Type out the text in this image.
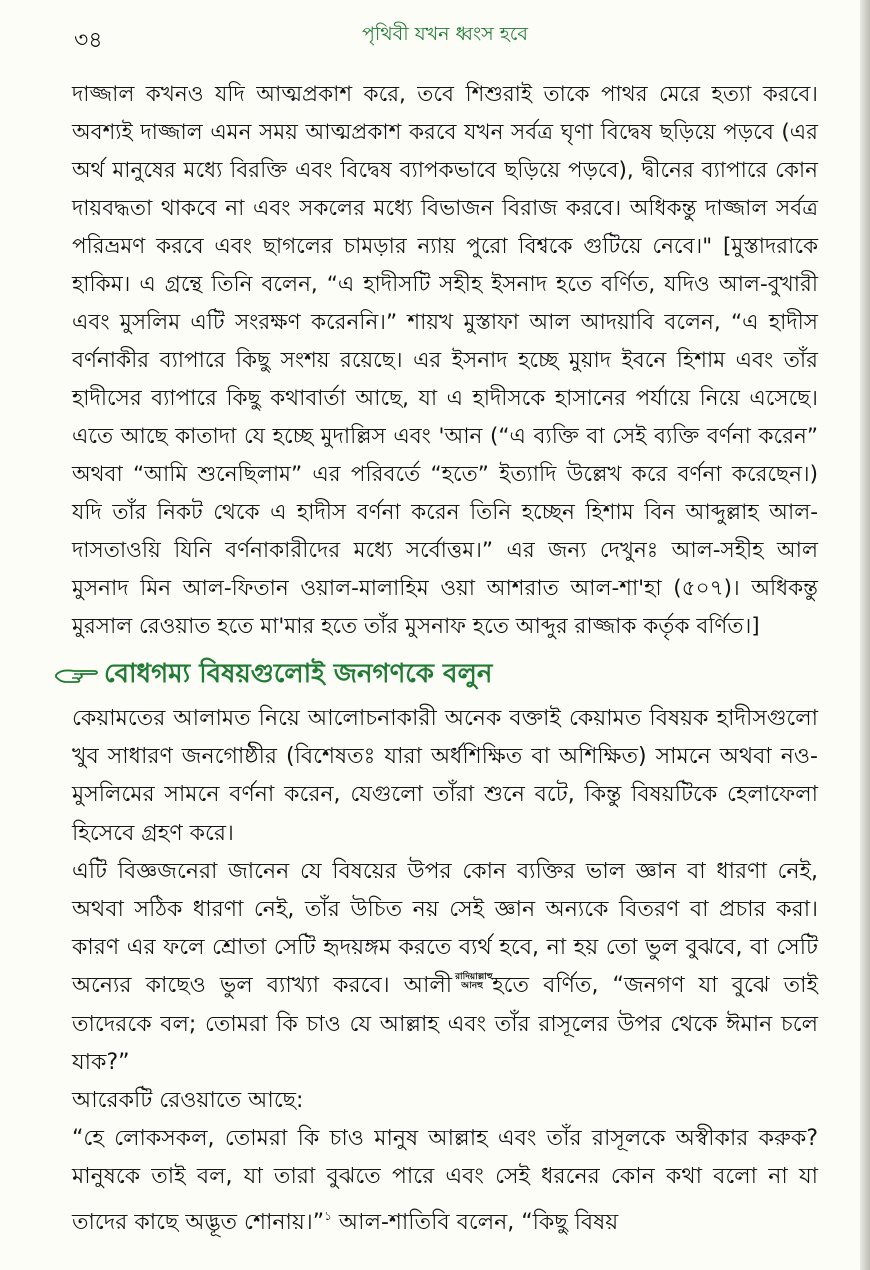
৩৪	পৃথিবী যখন ধ্বংস হবে

দাজ্জাল কখনও যদি আত্মপ্রকাশ করে, তবে শিশুরাই তাকে পাথর মেরে হত্যা করবে। অবশ্যই দাজ্জাল এমন সময় আত্মপ্রকাশ করবে যখন সর্বত্র ঘৃণা বিদ্বেষ ছড়িয়ে পড়বে (এর অর্থ মানুষের মধ্যে বিরক্তি এবং বিদ্বেষ ব্যাপকভাবে ছড়িয়ে পড়বে), দ্বীনের ব্যাপারে কোন দায়বদ্ধতা থাকবে না এবং সকলের মধ্যে বিভাজন বিরাজ করবে। অধিকন্তু দাজ্জাল সর্বত্র পরিভ্রমণ করবে এবং ছাগলের চামড়ার ন্যায় পুরো বিশ্বকে গুটিয়ে নেবে।" [মুস্তাদরাকে হাকিম। এ গ্রন্থে তিনি বলেন, “এ হাদীসটি সহীহ ইসনাদ হতে বর্ণিত, যদিও আল-বুখারী এবং মুসলিম এটি সংরক্ষণ করেননি।” শায়খ মুস্তাফা আল আদয়াবি বলেন, “এ হাদীস বর্ণনাকীর ব্যাপারে কিছু সংশয় রয়েছে। এর ইসনাদ হচ্ছে মুয়াদ ইবনে হিশাম এবং তাঁর হাদীসের ব্যাপারে কিছু কথাবার্তা আছে, যা এ হাদীসকে হাসানের পর্যায়ে নিয়ে এসেছে। এতে আছে কাতাদা যে হচ্ছে মুদাল্লিস এবং 'আন (“এ ব্যক্তি বা সেই ব্যক্তি বর্ণনা করেন” অথবা “আমি শুনেছিলাম” এর পরিবর্তে “হতে” ইত্যাদি উল্লেখ করে বর্ণনা করেছেন।) যদি তাঁর নিকট থেকে এ হাদীস বর্ণনা করেন তিনি হচ্ছেন হিশাম বিন আব্দুল্লাহ আল-দাসতাওয়ি যিনি বর্ণনাকারীদের মধ্যে সর্বোত্তম।” এর জন্য দেখুনঃ আল-সহীহ আল মুসনাদ মিন আল-ফিতান ওয়াল-মালাহিম ওয়া আশরাত আল-শা'হা (৫০৭)। অধিকন্তু মুরসাল রেওয়াত হতে মা'মার হতে তাঁর মুসনাফ হতে আব্দুর রাজ্জাক কর্তৃক বর্ণিত।]

বোধগম্য বিষয়গুলোই জনগণকে বলুন

কেয়ামতের আলামত নিয়ে আলোচনাকারী অনেক বক্তাই কেয়ামত বিষয়ক হাদীসগুলো খুব সাধারণ জনগোষ্ঠীর (বিশেষতঃ যারা অর্ধশিক্ষিত বা অশিক্ষিত) সামনে অথবা নও-মুসলিমের সামনে বর্ণনা করেন, যেগুলো তাঁরা শুনে বটে, কিন্তু বিষয়টিকে হেলাফেলা হিসেবে গ্রহণ করে।

এটি বিজ্ঞজনেরা জানেন যে বিষয়ের উপর কোন ব্যক্তির ভাল জ্ঞান বা ধারণা নেই, অথবা সঠিক ধারণা নেই, তাঁর উচিত নয় সেই জ্ঞান অন্যকে বিতরণ বা প্রচার করা। কারণ এর ফলে শ্রোতা সেটি হৃদয়ঙ্গম করতে ব্যর্থ হবে, না হয় তো ভুল বুঝবে, বা সেটি অন্যের কাছেও ভুল ব্যাখ্যা করবে। আলী রাদিয়াল্লাহু আনহু হতে বর্ণিত, “জনগণ যা বুঝে তাই তাদেরকে বল; তোমরা কি চাও যে আল্লাহ এবং তাঁর রাসূলের উপর থেকে ঈমান চলে যাক?”

আরেকটি রেওয়াতে আছে:

“হে লোকসকল, তোমরা কি চাও মানুষ আল্লাহ এবং তাঁর রাসূলকে অস্বীকার করুক? মানুষকে তাই বল, যা তারা বুঝতে পারে এবং সেই ধরনের কোন কথা বলো না যা তাদের কাছে অদ্ভূত শোনায়।”$^১$ আল-শাতিবি বলেন, “কিছু বিষয়
